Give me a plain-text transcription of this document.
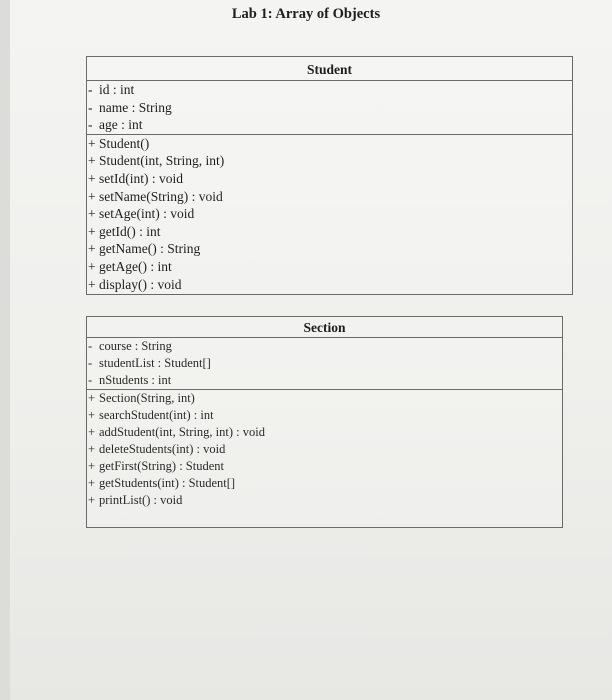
Lab 1: Array of Objects
Student
- id : int
- name : String
- age : int
+ Student()
+ Student(int, String, int)
+ setId(int) : void
+ setName(String) : void
+ setAge(int) : void
+ getId() : int
+ getName() : String
+ getAge() : int
+ display() : void
Section
- course : String
- studentList : Student[]
- nStudents : int
+ Section(String, int)
+ searchStudent(int) : int
+ addStudent(int, String, int) : void
+ deleteStudents(int) : void
+ getFirst(String) : Student
+ getStudents(int) : Student[]
+ printList() : void
